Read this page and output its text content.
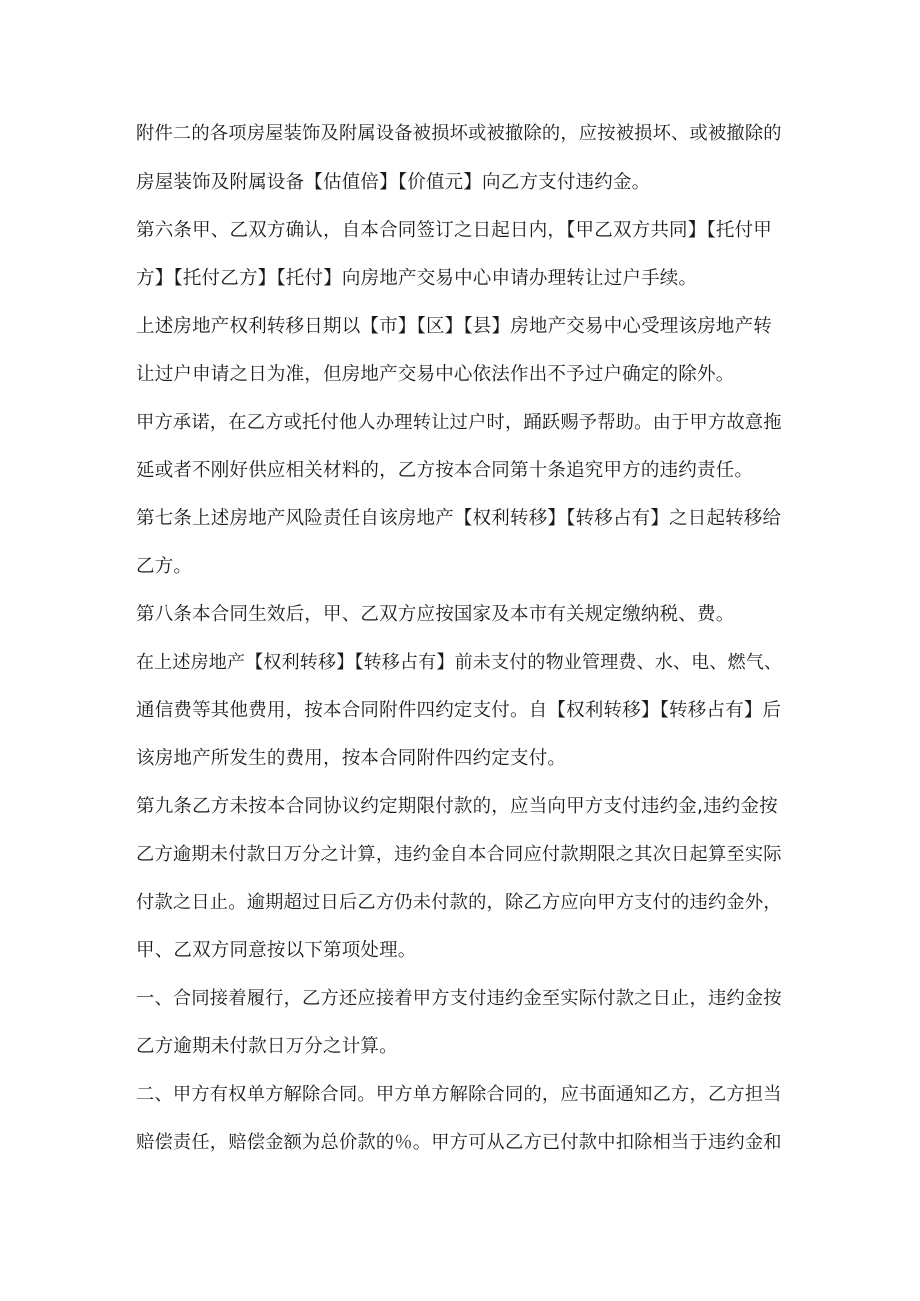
附件二的各项房屋装饰及附属设备被损坏或被撤除的，应按被损坏、或被撤除的
房屋装饰及附属设备【估值倍】【价值元】向乙方支付违约金。
第六条甲、乙双方确认，自本合同签订之日起日内，【甲乙双方共同】【托付甲
方】【托付乙方】【托付】向房地产交易中心申请办理转让过户手续。
上述房地产权利转移日期以【市】【区】【县】房地产交易中心受理该房地产转
让过户申请之日为准，但房地产交易中心依法作出不予过户确定的除外。
甲方承诺，在乙方或托付他人办理转让过户时，踊跃赐予帮助。由于甲方故意拖
延或者不刚好供应相关材料的，乙方按本合同第十条追究甲方的违约责任。
第七条上述房地产风险责任自该房地产【权利转移】【转移占有】之日起转移给
乙方。
第八条本合同生效后，甲、乙双方应按国家及本市有关规定缴纳税、费。
在上述房地产【权利转移】【转移占有】前未支付的物业管理费、水、电、燃气、
通信费等其他费用，按本合同附件四约定支付。自【权利转移】【转移占有】后
该房地产所发生的费用，按本合同附件四约定支付。
第九条乙方未按本合同协议约定期限付款的，应当向甲方支付违约金,违约金按
乙方逾期未付款日万分之计算，违约金自本合同应付款期限之其次日起算至实际
付款之日止。逾期超过日后乙方仍未付款的，除乙方应向甲方支付的违约金外，
甲、乙双方同意按以下第项处理。
一、合同接着履行，乙方还应接着甲方支付违约金至实际付款之日止，违约金按
乙方逾期未付款日万分之计算。
二、甲方有权单方解除合同。甲方单方解除合同的，应书面通知乙方，乙方担当
赔偿责任，赔偿金额为总价款的％。甲方可从乙方已付款中扣除相当于违约金和
